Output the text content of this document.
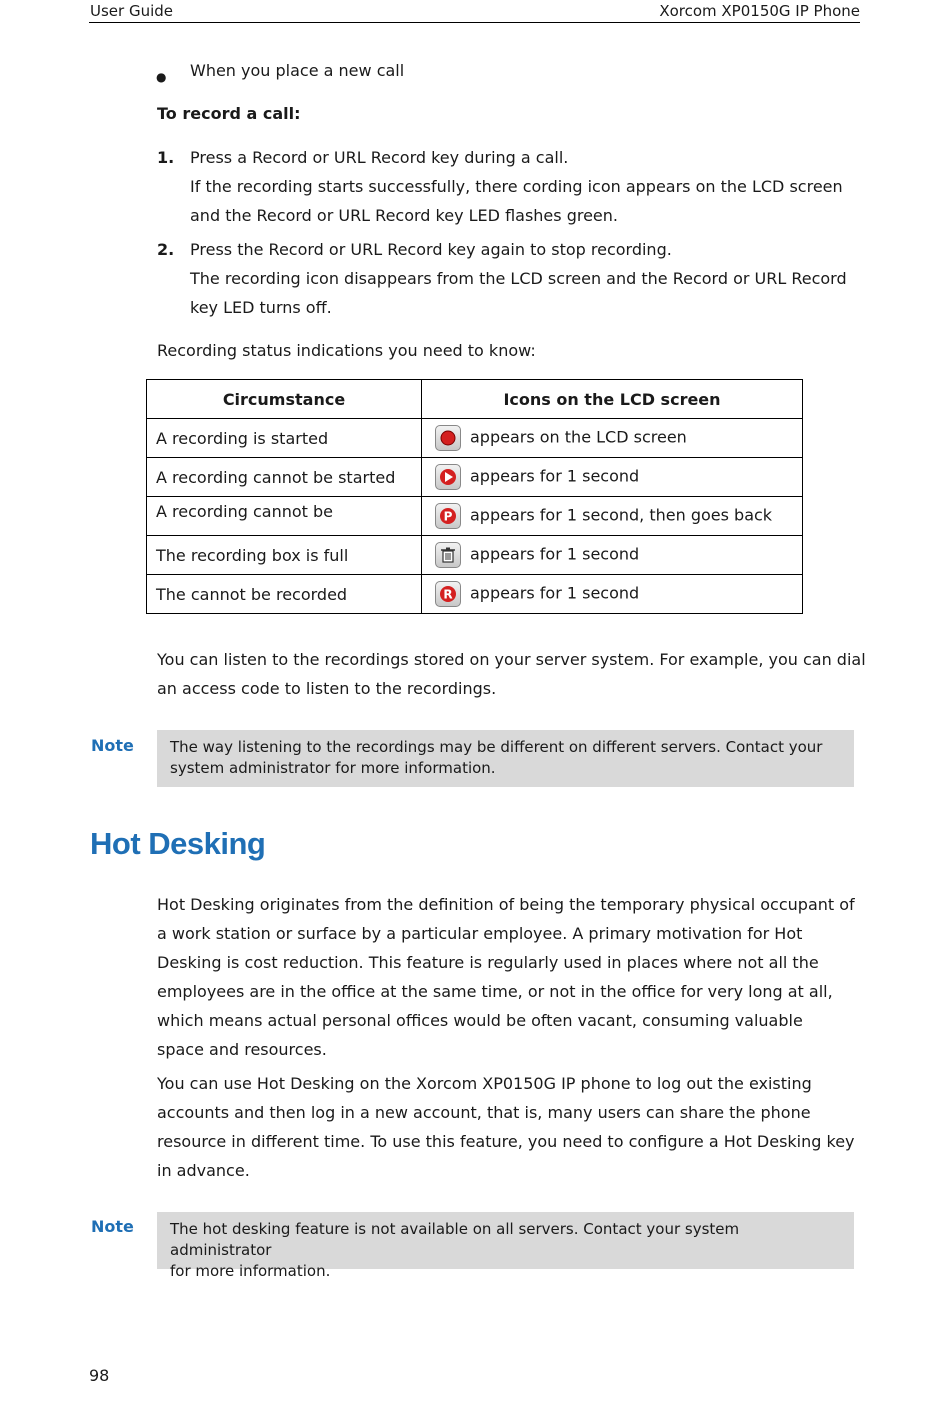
User Guide	Xorcom XP0150G IP Phone
● When you place a new call
To record a call:
1. Press a Record or URL Record key during a call.
If the recording starts successfully, there cording icon appears on the LCD screen
and the Record or URL Record key LED flashes green.
2. Press the Record or URL Record key again to stop recording.
The recording icon disappears from the LCD screen and the Record or URL Record
key LED turns off.
Recording status indications you need to know:
Circumstance	Icons on the LCD screen
A recording is started	appears on the LCD screen
A recording cannot be started	appears for 1 second

A recording cannot be	P appears for 1 second, then goes back
The recording box is full	appears for 1 second
The cannot be recorded	R appears for 1 second
You can listen to the recordings stored on your server system. For example, you can dial
an access code to listen to the recordings.
Note The way listening to the recordings may be different on different servers. Contact your
system administrator for more information.
Hot Desking
Hot Desking originates from the definition of being the temporary physical occupant of
a work station or surface by a particular employee. A primary motivation for Hot
Desking is cost reduction. This feature is regularly used in places where not all the
employees are in the office at the same time, or not in the office for very long at all,
which means actual personal offices would be often vacant, consuming valuable
space and resources.
You can use Hot Desking on the Xorcom XP0150G IP phone to log out the existing
accounts and then log in a new account, that is, many users can share the phone
resource in different time. To use this feature, you need to configure a Hot Desking key
in advance.
Note The hot desking feature is not available on all servers. Contact your system administrator
for more information.
98
